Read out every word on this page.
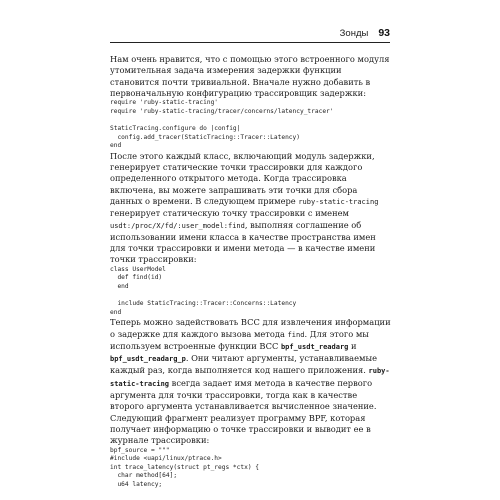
Зонды 93

Нам очень нравится, что с помощью этого встроенного модуля утомительная задача измерения задержки функции становится почти тривиальной. Вначале нужно добавить в первоначальную конфигурацию трассировщик задержки:

require 'ruby-static-tracing'
require 'ruby-static-tracing/tracer/concerns/latency_tracer'

StaticTracing.configure do |config|
config.add_tracer(StaticTracing::Tracer::Latency)
end

После этого каждый класс, включающий модуль задержки, генерирует статические точки трассировки для каждого определенного открытого метода. Когда трассировка включена, вы можете запрашивать эти точки для сбора данных о времени. В следующем примере ruby-static-tracing генерирует статическую точку трассировки с именем usdt:/proc/X/fd/:user_model:find, выполняя соглашение об использовании имени класса в качестве пространства имен для точки трассировки и имени метода — в качестве имени точки трассировки:

class UserModel
def find(id)
end

include StaticTracing::Tracer::Concerns::Latency
end

Теперь можно задействовать BCC для извлечения информации о задержке для каждого вызова метода find. Для этого мы используем встроенные функции BCC bpf_usdt_readarg и bpf_usdt_readarg_p. Они читают аргументы, устанавливаемые каждый раз, когда выполняется код нашего приложения. ruby-static-tracing всегда задает имя метода в качестве первого аргумента для точки трассировки, тогда как в качестве второго аргумента устанавливается вычисленное значение. Следующий фрагмент реализует программу BPF, которая получает информацию о точке трассировки и выводит ее в журнале трассировки:

bpf_source = """
#include <uapi/linux/ptrace.h>
int trace_latency(struct pt_regs *ctx) {
char method[64];
u64 latency;
